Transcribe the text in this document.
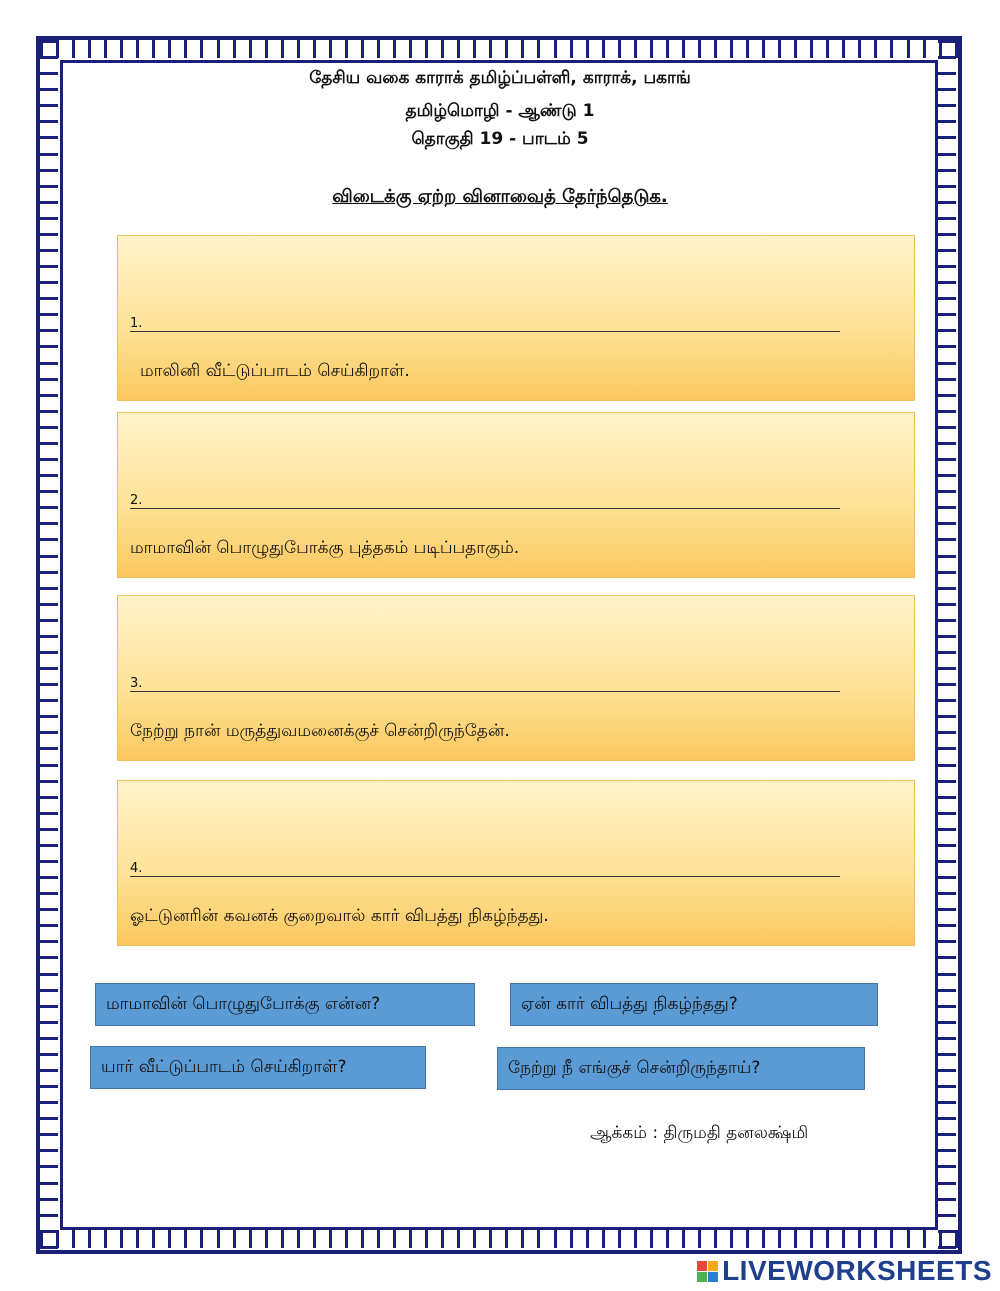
தேசிய வகை காராக் தமிழ்ப்பள்ளி, காராக், பகாங்
தமிழ்மொழி - ஆண்டு 1
தொகுதி 19 - பாடம் 5
விடைக்கு ஏற்ற வினாவைத் தேர்ந்தெடுக.
1.
மாலினி வீட்டுப்பாடம் செய்கிறாள்.
2.
மாமாவின் பொழுதுபோக்கு புத்தகம் படிப்பதாகும்.
3.
நேற்று நான் மருத்துவமனைக்குச் சென்றிருந்தேன்.
4.
ஓட்டுனரின் கவனக் குறைவால் கார் விபத்து நிகழ்ந்தது.
மாமாவின் பொழுதுபோக்கு என்ன?	ஏன் கார் விபத்து நிகழ்ந்தது?
யார் வீட்டுப்பாடம் செய்கிறாள்?	நேற்று நீ எங்குச் சென்றிருந்தாய்?
ஆக்கம் : திருமதி தனலக்ஷ்மி
LIVEWORKSHEETS
